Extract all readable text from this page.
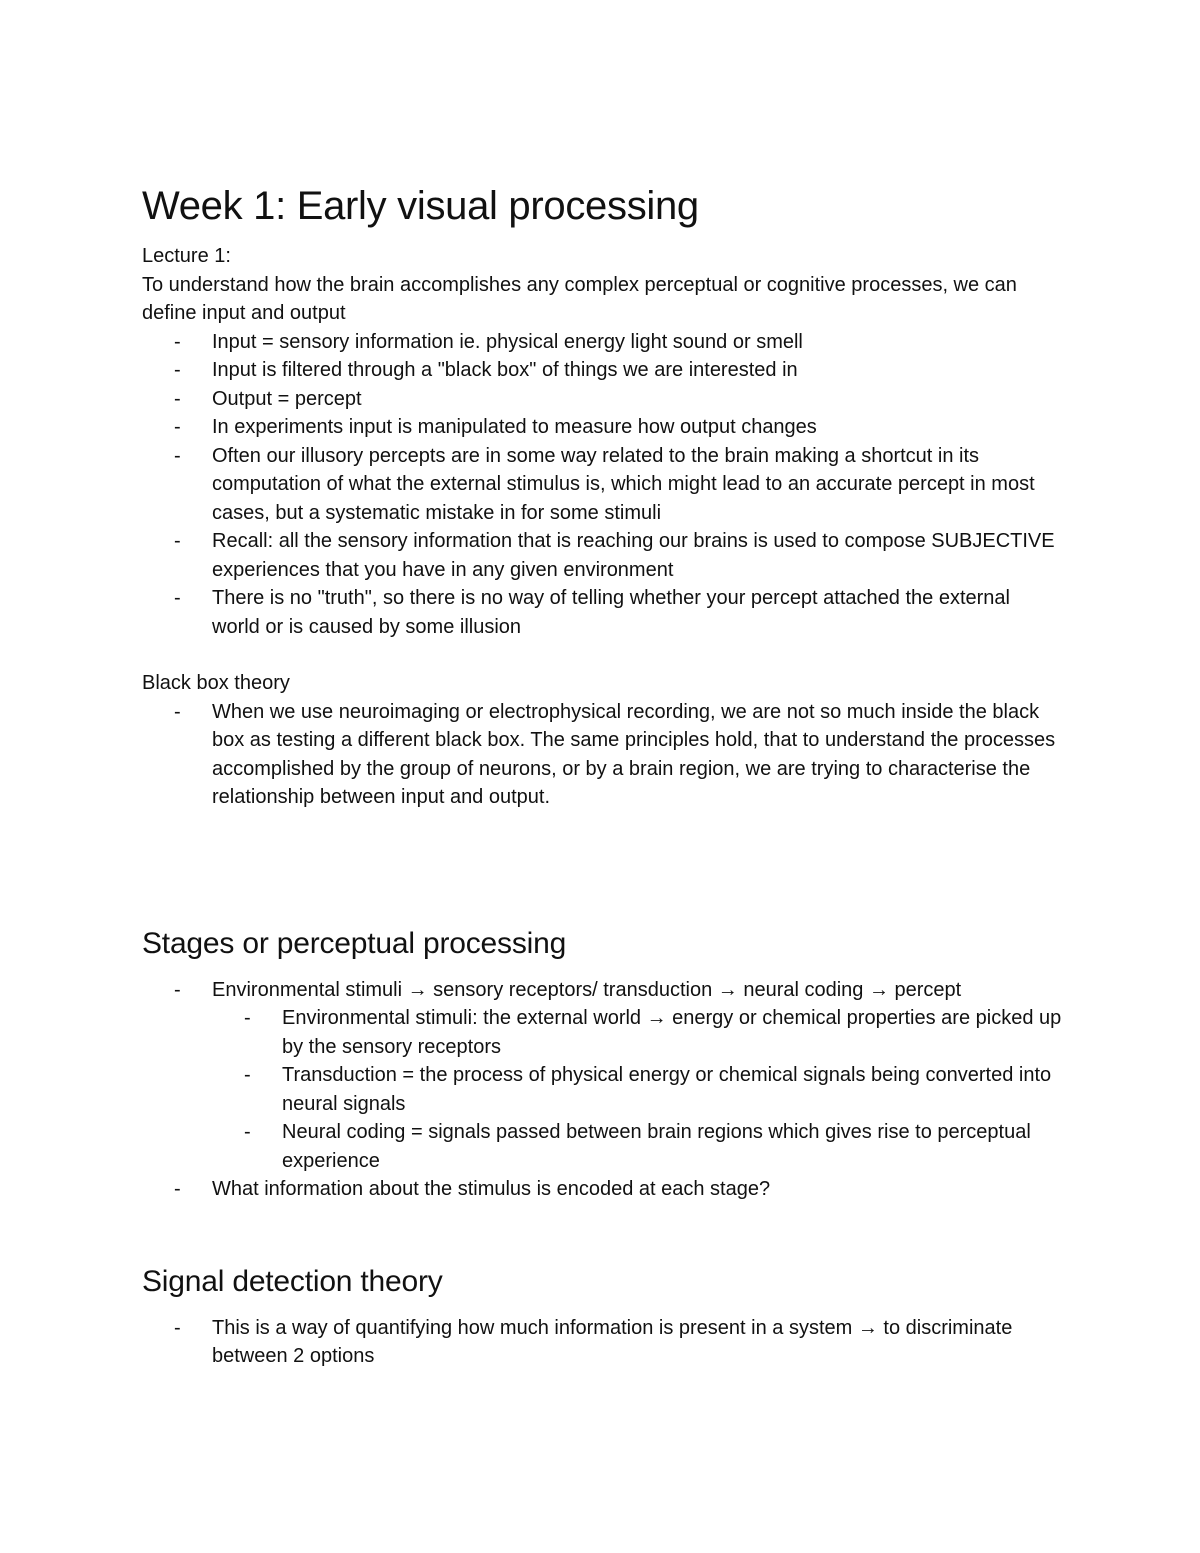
Week 1: Early visual processing

Lecture 1:

To understand how the brain accomplishes any complex perceptual or cognitive processes, we can define input and output

- Input = sensory information ie. physical energy light sound or smell
- Input is filtered through a "black box" of things we are interested in
- Output = percept
- In experiments input is manipulated to measure how output changes
- Often our illusory percepts are in some way related to the brain making a shortcut in its computation of what the external stimulus is, which might lead to an accurate percept in most cases, but a systematic mistake in for some stimuli
- Recall: all the sensory information that is reaching our brains is used to compose SUBJECTIVE experiences that you have in any given environment
- There is no "truth", so there is no way of telling whether your percept attached the external world or is caused by some illusion

Black box theory

- When we use neuroimaging or electrophysical recording, we are not so much inside the black box as testing a different black box. The same principles hold, that to understand the processes accomplished by the group of neurons, or by a brain region, we are trying to characterise the relationship between input and output.
Stages or perceptual processing
- Environmental stimuli → sensory receptors/ transduction → neural coding → percept
- Environmental stimuli: the external world → energy or chemical properties are picked up by the sensory receptors
- Transduction = the process of physical energy or chemical signals being converted into neural signals
- Neural coding = signals passed between brain regions which gives rise to perceptual experience
- What information about the stimulus is encoded at each stage?
Signal detection theory
- This is a way of quantifying how much information is present in a system → to discriminate between 2 options
